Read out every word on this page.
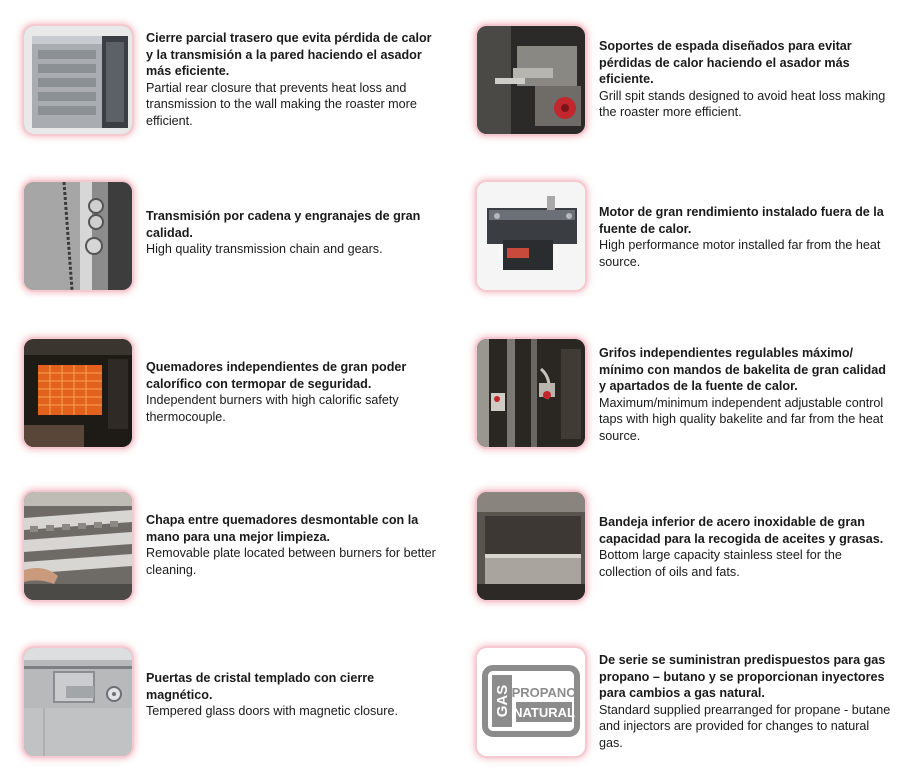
Cierre parcial trasero que evita pérdida de calor y la transmisión a la pared haciendo el asador más eficiente.
Partial rear closure that prevents heat loss and transmission to the wall making the roaster more efficient.
Soportes de espada diseñados para evitar pérdidas de calor haciendo el asador más eficiente.
Grill spit stands designed to avoid heat loss making the roaster more efficient.
Transmisión por cadena y engranajes de gran calidad.
High quality transmission chain and gears.
Motor de gran rendimiento instalado fuera de la fuente de calor.
High performance motor installed far from the heat source.
Quemadores independientes de gran poder calorífico con termopar de seguridad.
Independent burners with high calorific safety thermocouple.
Grifos independientes regulables máximo/ mínimo con mandos de bakelita de gran calidad y apartados de la fuente de calor.
Maximum/minimum independent adjustable control taps with high quality bakelite and far from the heat source.
Chapa entre quemadores desmontable con la mano para una mejor limpieza.
Removable plate located between burners for better cleaning.
Bandeja inferior de acero inoxidable de gran capacidad para la recogida de aceites y grasas.
Bottom large capacity stainless steel for the collection of oils and fats.
Puertas de cristal templado con cierre magnético.
Tempered glass doors with magnetic closure.	GAS PROPANO
NATURAL
De serie se suministran predispuestos para gas propano – butano y se proporcionan inyectores para cambios a gas natural.
Standard supplied prearranged for propane - butane and injectors are provided for changes to natural gas.
